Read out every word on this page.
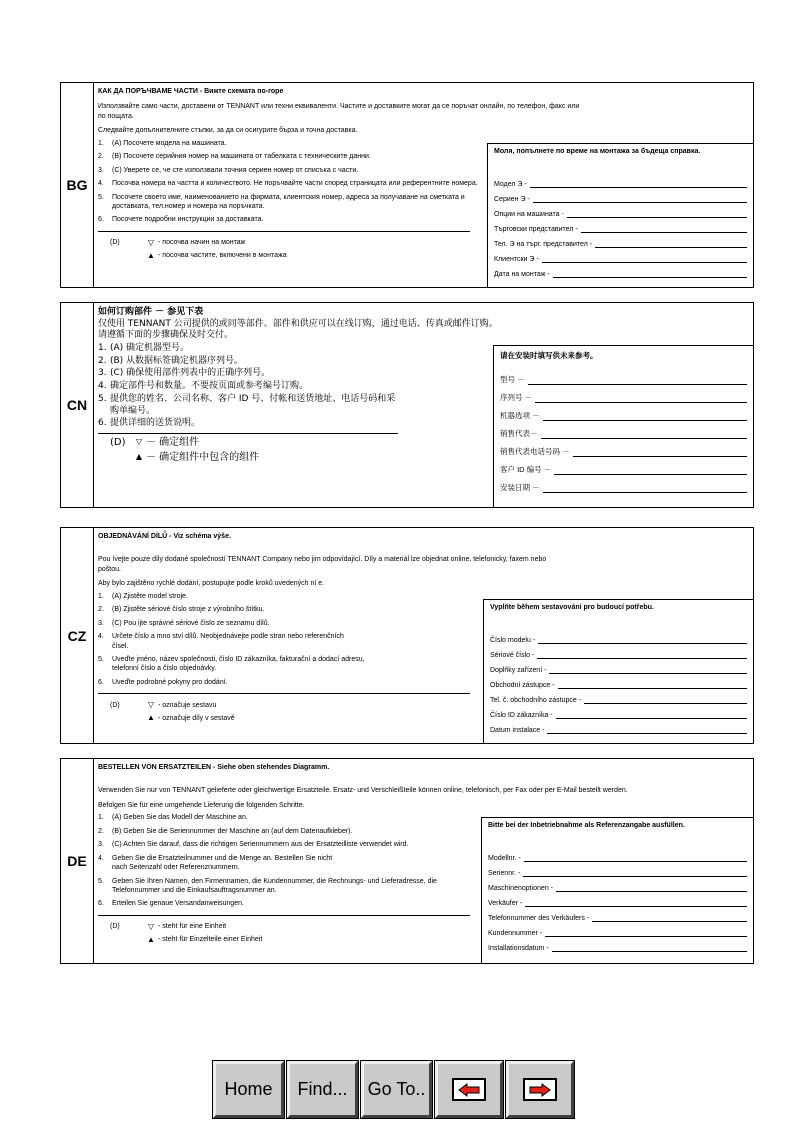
BG
КАК ДА ПОРЪЧВАМЕ ЧАСТИ - Вижте схемата по-горе
Използвайте само части, доставени от TENNANT или техни еквиваленти. Частите и доставките могат да се поръчат онлайн, по телефон, факс или по пощата.
Следвайте допълнителните стъпки, за да си осигурите бърза и точна доставка.
1.	(A) Посочете модела на машината.
2.	(B) Посочете серийния номер на машината от табелката с техническите данни.
3.	(C) Уверете се, че сте използвали точния сериен номер от списъка с части.
4.	Посочва номера на частта и количеството. Не поръчвайте части според страницата или референтните номера.
5.	Посочете своето име, наименованието на фирмата, клиентския номер, адреса за получаване на сметката и доставката, тел.номер и номера на поръчката.
6.	Посочете подробни инструкции за доставката.
(D)	▽ - посочва начин на монтаж
▲ - посочва частите, включени в монтажа
Моля, попълнете по време на монтажа за бъдеща справка.
Модел Э -
Сериен Э -
Опции на машината -
Търговски представител -
Тел. Э на търг. представител -
Клиентски Э -
Дата на монтаж -
CN
如何订购部件 － 参见下表
仅使用 TENNANT 公司提供的或同等部件。部件和供应可以在线订购，通过电话、传真或邮件订购。
请遵循下面的步骤确保及时交付。
1. (A) 确定机器型号。
2. (B) 从数据标签确定机器序列号。
3. (C) 确保使用部件列表中的正确序列号。
4. 确定部件号和数量。不要按页面或参考编号订购。
5. 提供您的姓名、公司名称、客户 ID 号、付帐和送货地址、电话号码和采购单编号。
6. 提供详细的送货说明。
(D)	▽ － 确定组件
▲ － 确定组件中包含的组件
请在安装时填写供未来参考。
型号 －
序列号 －
机器选项 －
销售代表－
销售代表电话号码 －
客户 ID 编号 －
安装日期 －
CZ
OBJEDNÁVÁNÍ DÍLŮ - Viz schéma výše.
Pou ívejte pouze díly dodané společností TENNANT Company nebo jim odpovídající. Díly a materiál lze objednat online, telefonicky, faxem nebo poštou.
Aby bylo zajištěno rychlé dodání, postupujte podle kroků uvedených ní e.
1.	(A) Zjistěte model stroje.
2.	(B) Zjistěte sériové číslo stroje z výrobního štítku.
3.	(C) Pou ijte správné sériové číslo ze seznamu dílů.
4.	Určete číslo a mno ství dílů. Neobjednávejte podle stran nebo referenčních čísel.
5.	Uveďte jméno, název společnosti, číslo ID zákazníka, fakturační a dodací adresu, telefonní číslo a číslo objednávky.
6.	Uveďte podrobné pokyny pro dodání.
(D)	▽ - označuje sestavu
▲ - označuje díly v sestavě
Vyplňte během sestavování pro budoucí potřebu.
Číslo modelu -
Sériové číslo -
Doplňky zařízení -
Obchodní zástupce -
Tel. č. obchodního zástupce -
Číslo ID zákazníka -
Datum instalace -
DE
BESTELLEN VON ERSATZTEILEN - Siehe oben stehendes Diagramm.
Verwenden Sie nur von TENNANT gelieferte oder gleichwertige Ersatzteile. Ersatz- und Verschleißteile können online, telefonisch, per Fax oder per E-Mail bestellt werden.
Befolgen Sie für eine umgehende Lieferung die folgenden Schritte.
1.	(A) Geben Sie das Modell der Maschine an.
2.	(B) Geben Sie die Seriennummer der Maschine an (auf dem Datenaufkleber).
3.	(C) Achten Sie darauf, dass die richtigen Seriennummern aus der Ersatzteilliste verwendet wird.
4.	Geben Sie die Ersatzteilnummer und die Menge an. Bestellen Sie nicht nach Seitenzahl oder Referenznummern.
5.	Geben Sie Ihren Namen, den Firmennamen, die Kundennummer, die Rechnungs- und Lieferadresse, die Telefonnummer und die Einkaufsauftragsnummer an.
6.	Erteilen Sie genaue Versandanweisungen.
(D)	▽ - steht für eine Einheit
▲ - steht für Einzelteile einer Einheit
Bitte bei der Inbetriebnahme als Referenzangabe ausfüllen.
Modellnr. -
Seriennr. -
Maschinenoptionen -
Verkäufer -
Telefonnummer des Verkäufers -
Kundennummer -
Installationsdatum -
Home	Find...	Go To..
